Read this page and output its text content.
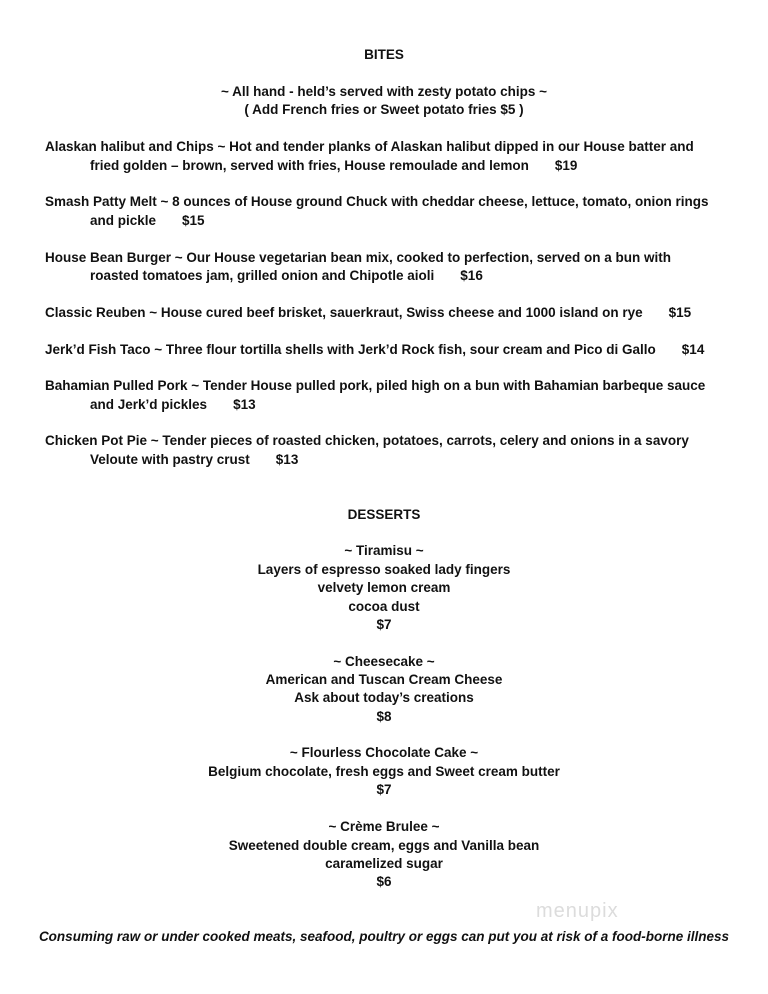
BITES
~ All hand - held’s served with zesty potato chips ~
( Add French fries or Sweet potato fries $5 )
Alaskan halibut and Chips ~ Hot and tender planks of Alaskan halibut dipped in our House batter and
fried golden – brown, served with fries, House remoulade and lemon $19
Smash Patty Melt ~ 8 ounces of House ground Chuck with cheddar cheese, lettuce, tomato, onion rings
and pickle $15
House Bean Burger ~ Our House vegetarian bean mix, cooked to perfection, served on a bun with
roasted tomatoes jam, grilled onion and Chipotle aioli $16
Classic Reuben ~ House cured beef brisket, sauerkraut, Swiss cheese and 1000 island on rye $15
Jerk’d Fish Taco ~ Three flour tortilla shells with Jerk’d Rock fish, sour cream and Pico di Gallo $14
Bahamian Pulled Pork ~ Tender House pulled pork, piled high on a bun with Bahamian barbeque sauce
and Jerk’d pickles $13
Chicken Pot Pie ~ Tender pieces of roasted chicken, potatoes, carrots, celery and onions in a savory
Veloute with pastry crust $13
DESSERTS
~ Tiramisu ~
Layers of espresso soaked lady fingers
velvety lemon cream
cocoa dust
$7
~ Cheesecake ~
American and Tuscan Cream Cheese
Ask about today’s creations
$8
~ Flourless Chocolate Cake ~
Belgium chocolate, fresh eggs and Sweet cream butter
$7
~ Crème Brulee ~
Sweetened double cream, eggs and Vanilla bean
caramelized sugar
$6
menupix
Consuming raw or under cooked meats, seafood, poultry or eggs can put you at risk of a food-borne illness
